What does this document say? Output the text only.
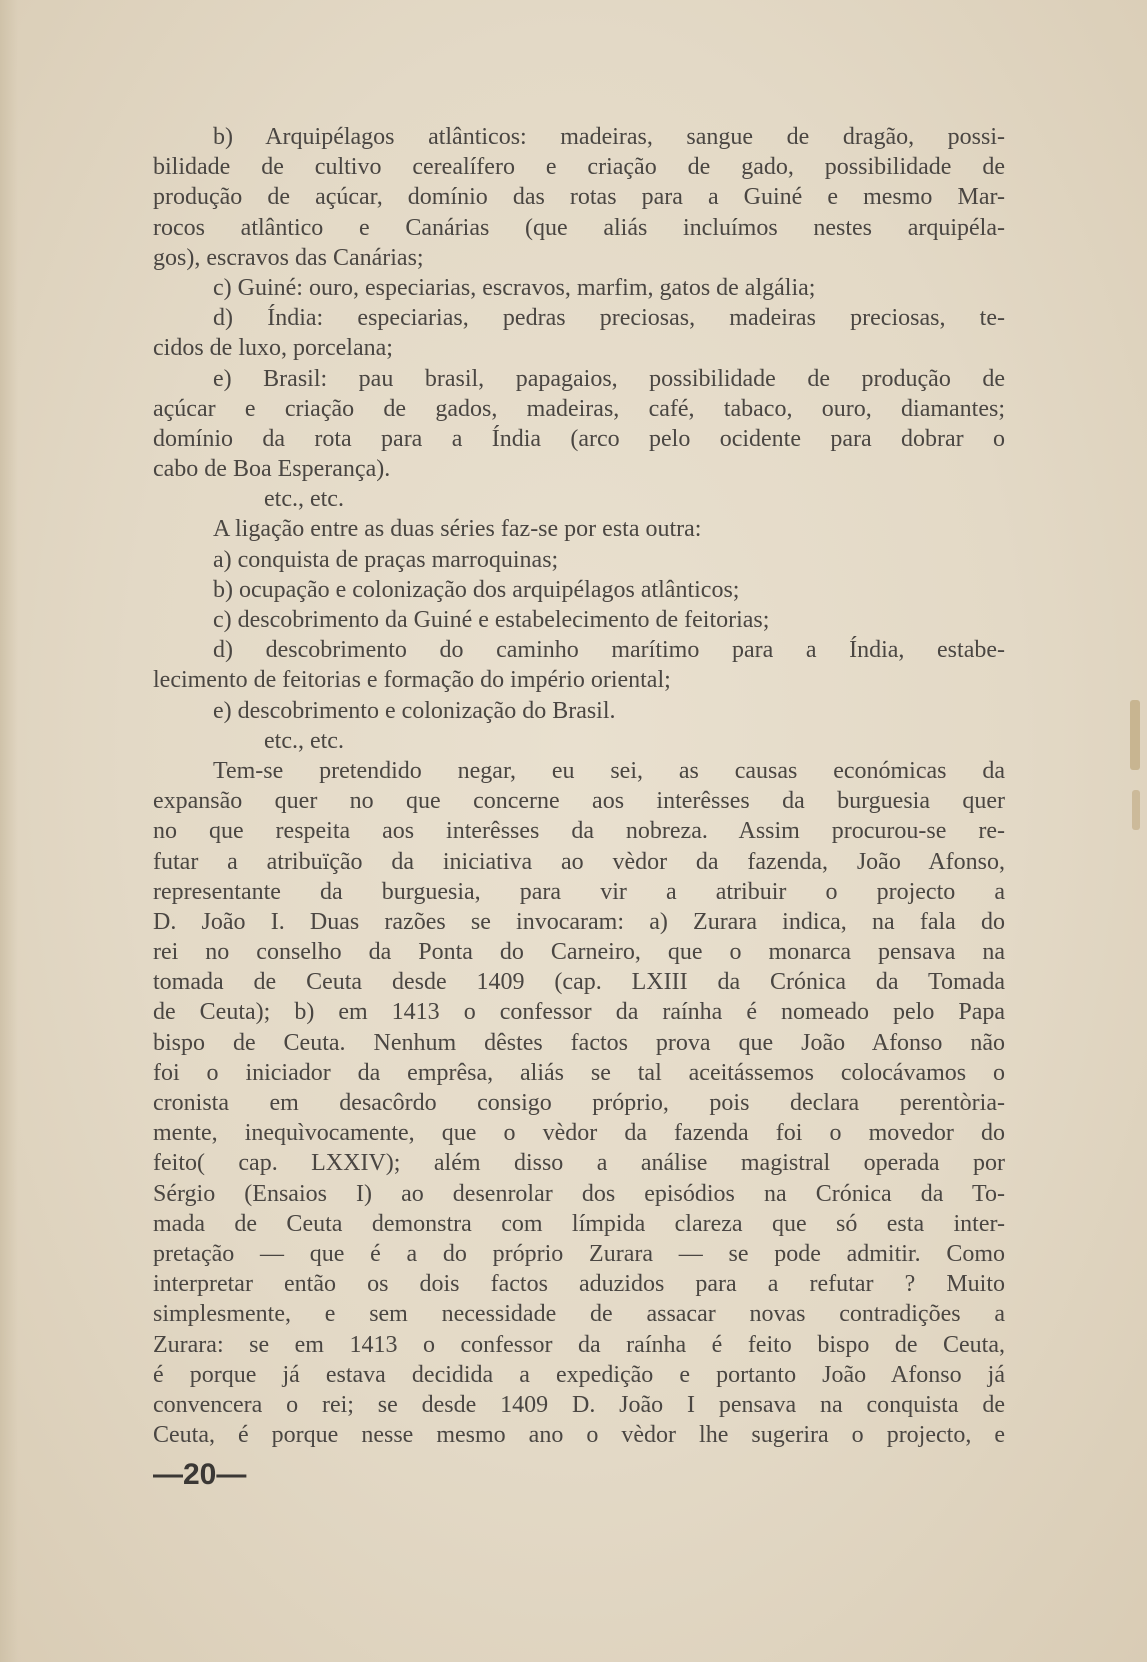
b) Arquipélagos atlânticos: madeiras, sangue de dragão, possi-
bilidade de cultivo cerealífero e criação de gado, possibilidade de
produção de açúcar, domínio das rotas para a Guiné e mesmo Mar-
rocos atlântico e Canárias (que aliás incluímos nestes arquipéla-
gos), escravos das Canárias;
c) Guiné: ouro, especiarias, escravos, marfim, gatos de algália;
d) Índia: especiarias, pedras preciosas, madeiras preciosas, te-
cidos de luxo, porcelana;
e) Brasil: pau brasil, papagaios, possibilidade de produção de
açúcar e criação de gados, madeiras, café, tabaco, ouro, diamantes;
domínio da rota para a Índia (arco pelo ocidente para dobrar o
cabo de Boa Esperança).
etc., etc.
A ligação entre as duas séries faz-se por esta outra:
a) conquista de praças marroquinas;
b) ocupação e colonização dos arquipélagos atlânticos;
c) descobrimento da Guiné e estabelecimento de feitorias;
d) descobrimento do caminho marítimo para a Índia, estabe-
lecimento de feitorias e formação do império oriental;
e) descobrimento e colonização do Brasil.
etc., etc.
Tem-se pretendido negar, eu sei, as causas económicas da
expansão quer no que concerne aos interêsses da burguesia quer
no que respeita aos interêsses da nobreza. Assim procurou-se re-
futar a atribuïção da iniciativa ao vèdor da fazenda, João Afonso,
representante da burguesia, para vir a atribuir o projecto a
D. João I. Duas razões se invocaram: a) Zurara indica, na fala do
rei no conselho da Ponta do Carneiro, que o monarca pensava na
tomada de Ceuta desde 1409 (cap. LXIII da Crónica da Tomada
de Ceuta); b) em 1413 o confessor da raínha é nomeado pelo Papa
bispo de Ceuta. Nenhum dêstes factos prova que João Afonso não
foi o iniciador da emprêsa, aliás se tal aceitássemos colocávamos o
cronista em desacôrdo consigo próprio, pois declara perentòria-
mente, inequìvocamente, que o vèdor da fazenda foi o movedor do
feito( cap. LXXIV); além disso a análise magistral operada por
Sérgio (Ensaios I) ao desenrolar dos episódios na Crónica da To-
mada de Ceuta demonstra com límpida clareza que só esta inter-
pretação — que é a do próprio Zurara — se pode admitir. Como
interpretar então os dois factos aduzidos para a refutar ? Muito
simplesmente, e sem necessidade de assacar novas contradições a
Zurara: se em 1413 o confessor da raínha é feito bispo de Ceuta,
é porque já estava decidida a expedição e portanto João Afonso já
convencera o rei; se desde 1409 D. João I pensava na conquista de
Ceuta, é porque nesse mesmo ano o vèdor lhe sugerira o projecto, e
—20—
